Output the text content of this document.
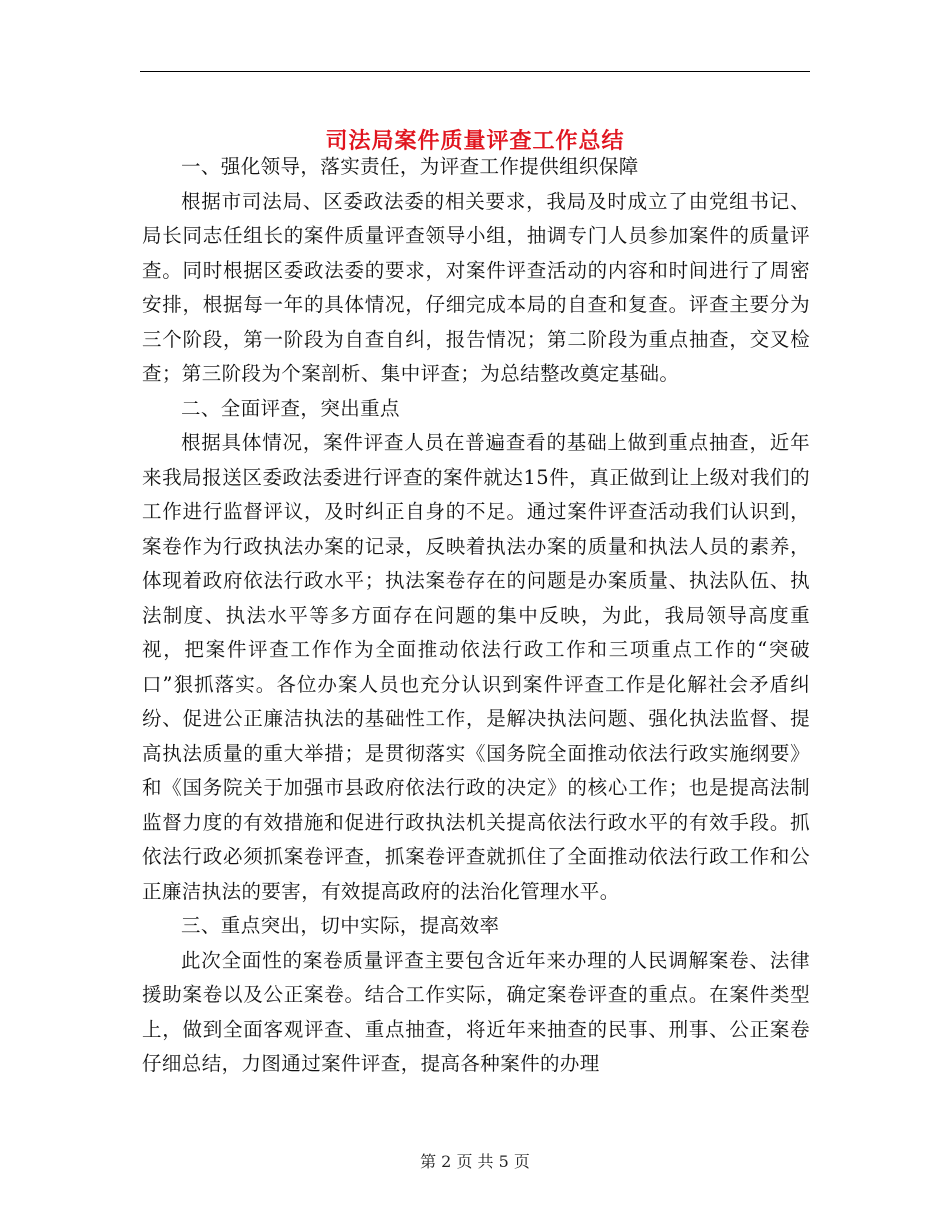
司法局案件质量评查工作总结

一、强化领导，落实责任，为评查工作提供组织保障

根据市司法局、区委政法委的相关要求，我局及时成立了由党组书记、局长同志任组长的案件质量评查领导小组，抽调专门人员参加案件的质量评查。同时根据区委政法委的要求，对案件评查活动的内容和时间进行了周密安排，根据每一年的具体情况，仔细完成本局的自查和复查。评查主要分为三个阶段，第一阶段为自查自纠，报告情况；第二阶段为重点抽查，交叉检查；第三阶段为个案剖析、集中评查；为总结整改奠定基础。

二、全面评查，突出重点

根据具体情况，案件评查人员在普遍查看的基础上做到重点抽查，近年来我局报送区委政法委进行评查的案件就达15件，真正做到让上级对我们的工作进行监督评议，及时纠正自身的不足。通过案件评查活动我们认识到，案卷作为行政执法办案的记录，反映着执法办案的质量和执法人员的素养，体现着政府依法行政水平；执法案卷存在的问题是办案质量、执法队伍、执法制度、执法水平等多方面存在问题的集中反映，为此，我局领导高度重视，把案件评查工作作为全面推动依法行政工作和三项重点工作的“突破口”狠抓落实。各位办案人员也充分认识到案件评查工作是化解社会矛盾纠纷、促进公正廉洁执法的基础性工作，是解决执法问题、强化执法监督、提高执法质量的重大举措；是贯彻落实《国务院全面推动依法行政实施纲要》和《国务院关于加强市县政府依法行政的决定》的核心工作；也是提高法制监督力度的有效措施和促进行政执法机关提高依法行政水平的有效手段。抓依法行政必须抓案卷评查，抓案卷评查就抓住了全面推动依法行政工作和公正廉洁执法的要害，有效提高政府的法治化管理水平。

三、重点突出，切中实际，提高效率

此次全面性的案卷质量评查主要包含近年来办理的人民调解案卷、法律援助案卷以及公正案卷。结合工作实际，确定案卷评查的重点。在案件类型上，做到全面客观评查、重点抽查，将近年来抽查的民事、刑事、公正案卷仔细总结，力图通过案件评查，提高各种案件的办理

第 2 页 共 5 页
